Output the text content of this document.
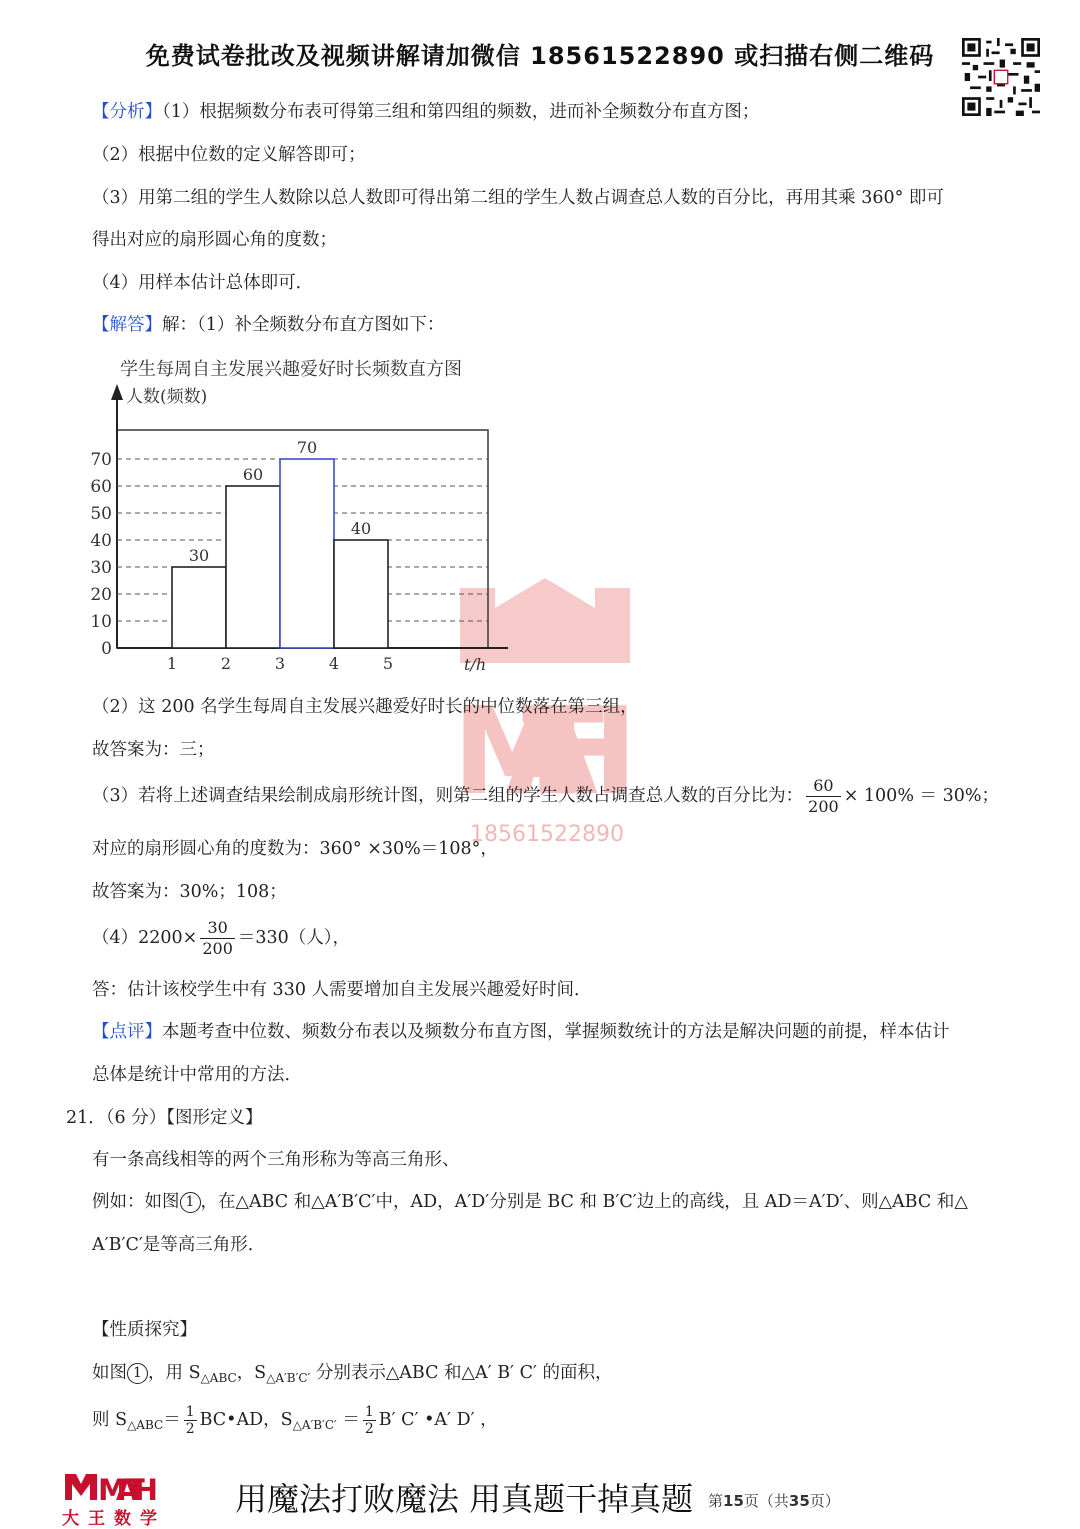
免费试卷批改及视频讲解请加微信 18561522890 或扫描右侧二维码
MATH
18561522890
【分析】（1）根据频数分布表可得第三组和第四组的频数，进而补全频数分布直方图；
（2）根据中位数的定义解答即可；
（3）用第二组的学生人数除以总人数即可得出第二组的学生人数占调查总人数的百分比，再用其乘 360° 即可
得出对应的扇形圆心角的度数；
（4）用样本估计总体即可．
【解答】解：（1）补全频数分布直方图如下：
学生每周自主发展兴趣爱好时长频数直方图
人数(频数)
t/h
0
10
20
30
40
50
60
70
1	2	3	4	5
30
60
70
40
（2）这 200 名学生每周自主发展兴趣爱好时长的中位数落在第三组，
故答案为：三；
（3）若将上述调查结果绘制成扇形统计图，则第二组的学生人数占调查总人数的百分比为： $\frac{60}{200} \times 100\% = 30\%$；
对应的扇形圆心角的度数为：360° ×30%＝108°，
故答案为：30%；108；
$(4)2200\times \frac{30}{200} =330$（人），
答：估计该校学生中有 330 人需要增加自主发展兴趣爱好时间．
【点评】本题考查中位数、频数分布表以及频数分布直方图，掌握频数统计的方法是解决问题的前提，样本估计
总体是统计中常用的方法．
21．（6 分）【图形定义】
有一条高线相等的两个三角形称为等高三角形、
例如：如图 1 ，在△ABC 和△A′B′C′中，AD，A′D′分别是 BC 和 B′C′边上的高线，且 AD＝A′D′、则△ABC 和△
A′B′C′是等高三角形．
【性质探究】
如图 1 ，用 $S_{\triangle ABC}$，$S_{\triangle A'B'C'}$ 分别表示△ABC 和△A′ B′ C′ 的面积，
则 $S_{\triangle ABC}= \frac{1}{2}$ BC•AD，$S_{\triangle A'B'C'} = \frac{1}{2} B'$ C′ •A′ D′ ，
MATH
大王数学
用魔法打败魔法 用真题干掉真题 第15页（共35页）
